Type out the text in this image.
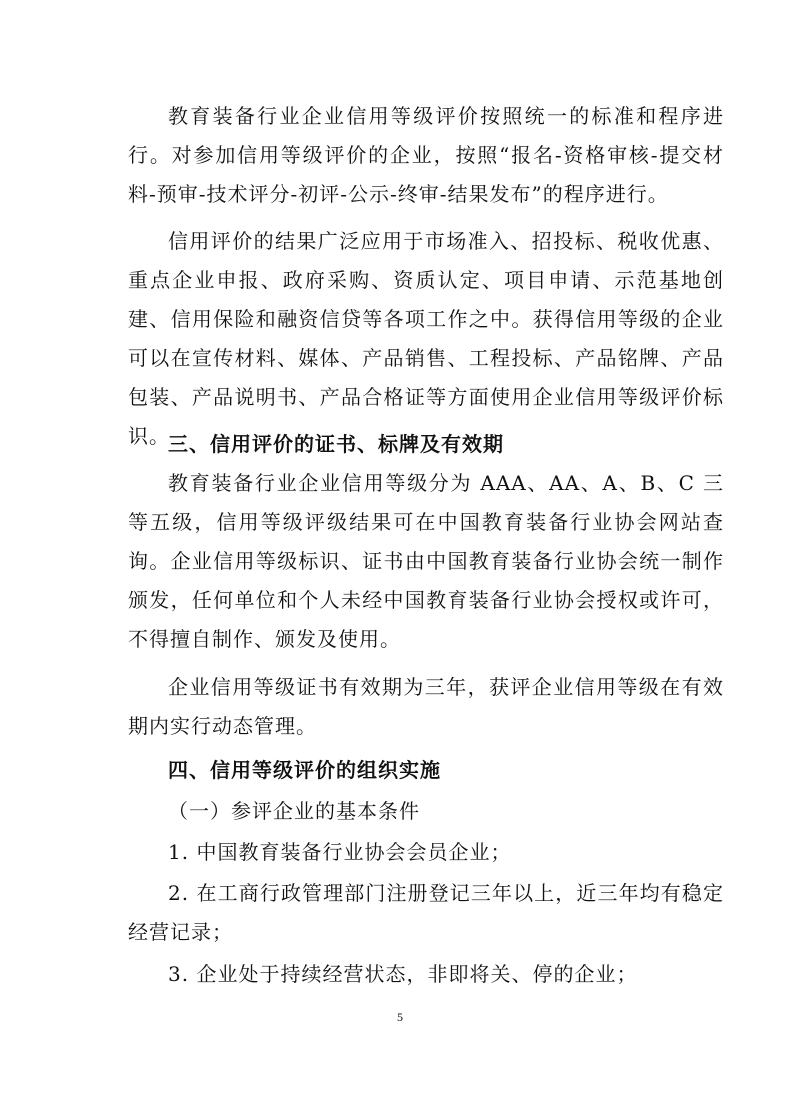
教育装备行业企业信用等级评价按照统一的标准和程序进行。对参加信用等级评价的企业，按照“报名-资格审核-提交材料-预审-技术评分-初评-公示-终审-结果发布”的程序进行。

信用评价的结果广泛应用于市场准入、招投标、税收优惠、重点企业申报、政府采购、资质认定、项目申请、示范基地创建、信用保险和融资信贷等各项工作之中。获得信用等级的企业可以在宣传材料、媒体、产品销售、工程投标、产品铭牌、产品包装、产品说明书、产品合格证等方面使用企业信用等级评价标识。

三、信用评价的证书、标牌及有效期

教育装备行业企业信用等级分为 AAA、AA、A、B、C 三等五级，信用等级评级结果可在中国教育装备行业协会网站查询。企业信用等级标识、证书由中国教育装备行业协会统一制作颁发，任何单位和个人未经中国教育装备行业协会授权或许可，不得擅自制作、颁发及使用。

企业信用等级证书有效期为三年，获评企业信用等级在有效期内实行动态管理。

四、信用等级评价的组织实施

（一）参评企业的基本条件

1. 中国教育装备行业协会会员企业；

2. 在工商行政管理部门注册登记三年以上，近三年均有稳定经营记录；

3. 企业处于持续经营状态，非即将关、停的企业；

5
